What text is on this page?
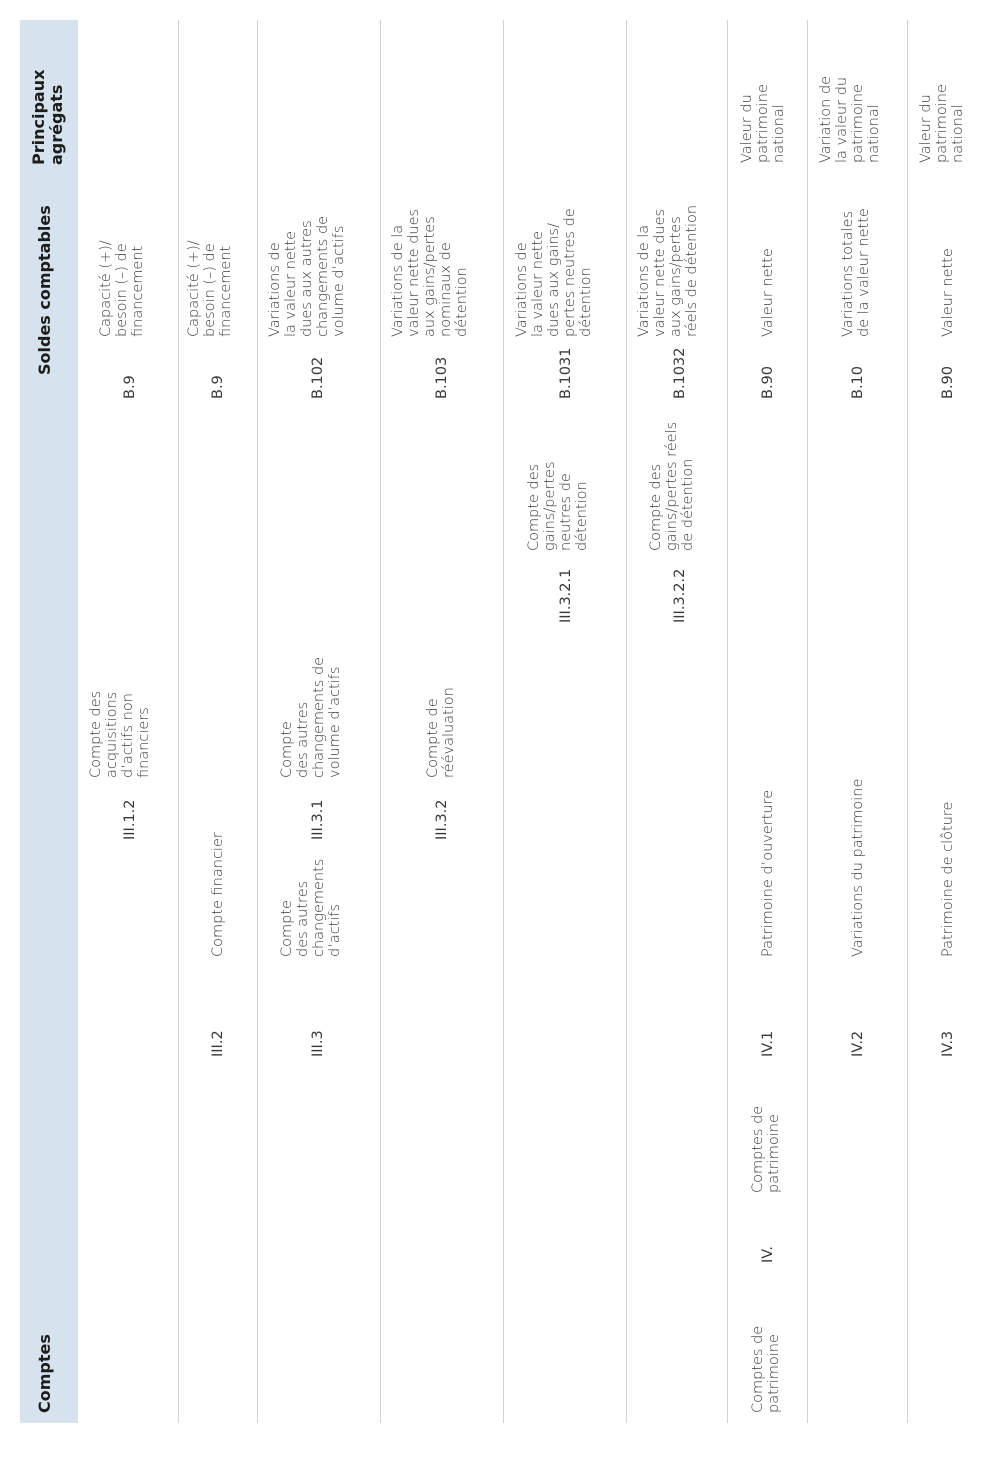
Comptes
Soldes comptables
Principaux
agrégats
III.1.2
Compte des
acquisitions
d’actifs non
financiers
B.9
Capacité (+)/
besoin (–) de
financement
III.2
Compte financier
B.9
Capacité (+)/
besoin (–) de
financement
III.3
Compte
des autres
changements
d’actifs
III.3.1
Compte
des autres
changements de
volume d’actifs
B.102
Variations de
la valeur nette
dues aux autres
changements de
volume d’actifs
III.3.2
Compte de
réévaluation
B.103
Variations de la
valeur nette dues
aux gains/pertes
nominaux de
détention
III.3.2.1
Compte des
gains/pertes
neutres de
détention
B.1031
Variations de
la valeur nette
dues aux gains/
pertes neutres de
détention
III.3.2.2
Compte des
gains/pertes réels
de détention
B.1032
Variations de la
valeur nette dues
aux gains/pertes
réels de détention
Comptes de
patrimoine
IV.
Comptes de
patrimoine
IV.1
Patrimoine d’ouverture
B.90
Valeur nette
Valeur du
patrimoine
national
IV.2
Variations du patrimoine
B.10
Variations totales
de la valeur nette
Variation de
la valeur du
patrimoine
national
IV.3
Patrimoine de clôture
B.90
Valeur nette
Valeur du
patrimoine
national
